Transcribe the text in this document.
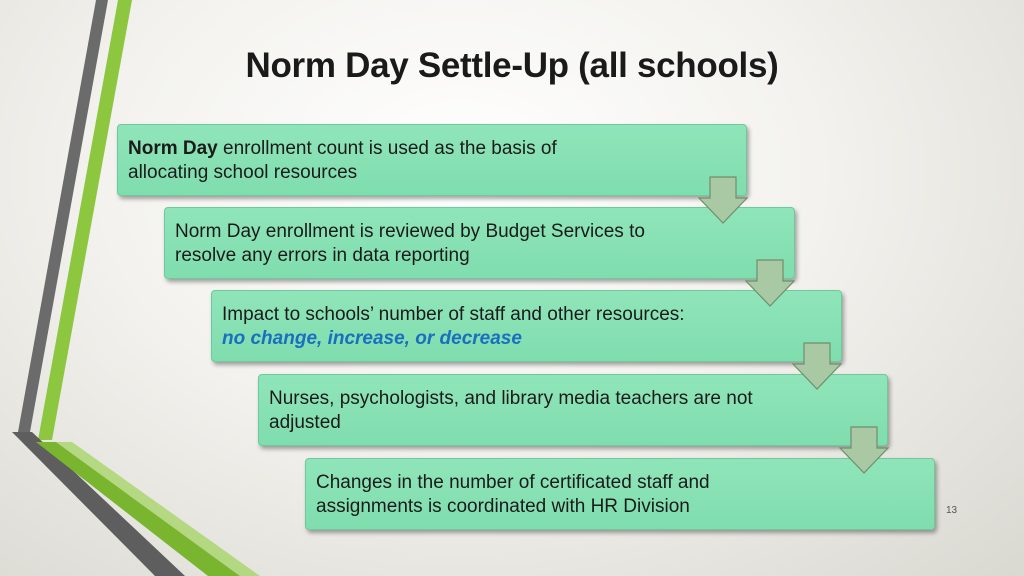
Norm Day Settle-Up (all schools)
Norm Day enrollment count is used as the basis of
allocating school resources
Norm Day enrollment is reviewed by Budget Services to
resolve any errors in data reporting
Impact to schools’ number of staff and other resources:
no change, increase, or decrease
Nurses, psychologists, and library media teachers are not
adjusted
Changes in the number of certificated staff and
assignments is coordinated with HR Division	13
